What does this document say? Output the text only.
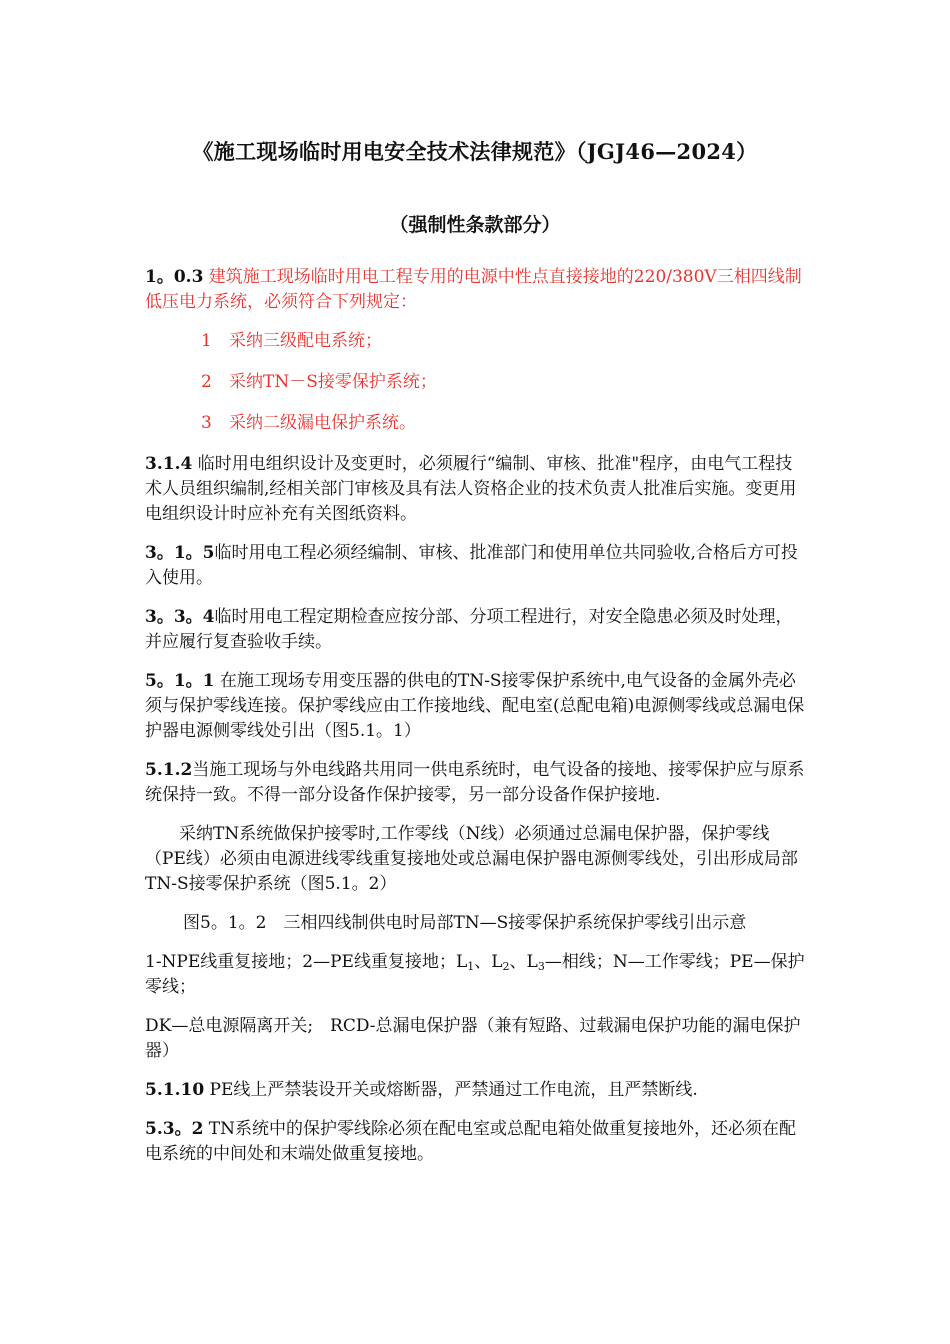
《施工现场临时用电安全技术法律规范》（JGJ46—2024）
（强制性条款部分）

1。0.3 建筑施工现场临时用电工程专用的电源中性点直接接地的220/380V三相四线制低压电力系统，必须符合下列规定：

1 采纳三级配电系统；

2 采纳TN－S接零保护系统；

3 采纳二级漏电保护系统。

3.1.4 临时用电组织设计及变更时，必须履行“编制、审核、批准"程序，由电气工程技术人员组织编制,经相关部门审核及具有法人资格企业的技术负责人批准后实施。变更用电组织设计时应补充有关图纸资料。

3。1。5临时用电工程必须经编制、审核、批准部门和使用单位共同验收,合格后方可投入使用。

3。3。4临时用电工程定期检查应按分部、分项工程进行，对安全隐患必须及时处理，并应履行复查验收手续。

5。1。1 在施工现场专用变压器的供电的TN-S接零保护系统中,电气设备的金属外壳必须与保护零线连接。保护零线应由工作接地线、配电室(总配电箱)电源侧零线或总漏电保护器电源侧零线处引出（图5.1。1）

5.1.2当施工现场与外电线路共用同一供电系统时，电气设备的接地、接零保护应与原系统保持一致。不得一部分设备作保护接零，另一部分设备作保护接地.

采纳TN系统做保护接零时,工作零线（N线）必须通过总漏电保护器，保护零线（PE线）必须由电源进线零线重复接地处或总漏电保护器电源侧零线处，引出形成局部TN-S接零保护系统（图5.1。2）

图5。1。2　三相四线制供电时局部TN—S接零保护系统保护零线引出示意

1-NPE线重复接地；2—PE线重复接地；$L_1$、$L_2$、$L_3—$相线；N—工作零线；PE—保护零线；

DK—总电源隔离开关;　RCD-总漏电保护器（兼有短路、过载漏电保护功能的漏电保护器）

5.1.10 PE线上严禁装设开关或熔断器，严禁通过工作电流，且严禁断线.

5.3。2 TN系统中的保护零线除必须在配电室或总配电箱处做重复接地外，还必须在配电系统的中间处和末端处做重复接地。
